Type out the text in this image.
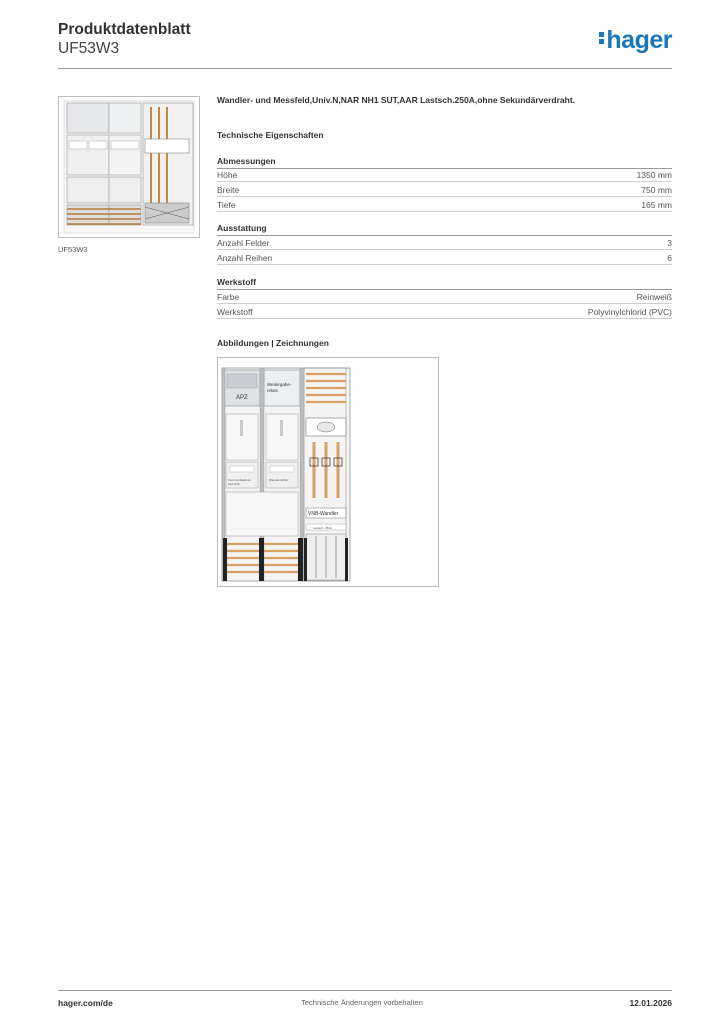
Produktdatenblatt
UF53W3	hager
UF53W3
Wandler- und Messfeld,Univ.N,NAR NH1 SUT,AAR Lastsch.250A,ohne Sekundärverdraht.
Technische Eigenschaften
Abmessungen
Höhe	1350 mm
Breite	750 mm
Tiefe	165 mm
Ausstattung
Anzahl Felder	3
Anzahl Reihen	6
Werkstoff
Farbe	Reinweiß
Werkstoff	Polyvinylchlorid (PVC)
Abbildungen | Zeichnungen
APZ
Weitergabe-
relais
Kommunikations-
feld (KS)
Wandlerzähler
VNB-Wandler
Lastsch. 250A
hager.com/de	Technische Änderungen vorbehalten	12.01.2026
